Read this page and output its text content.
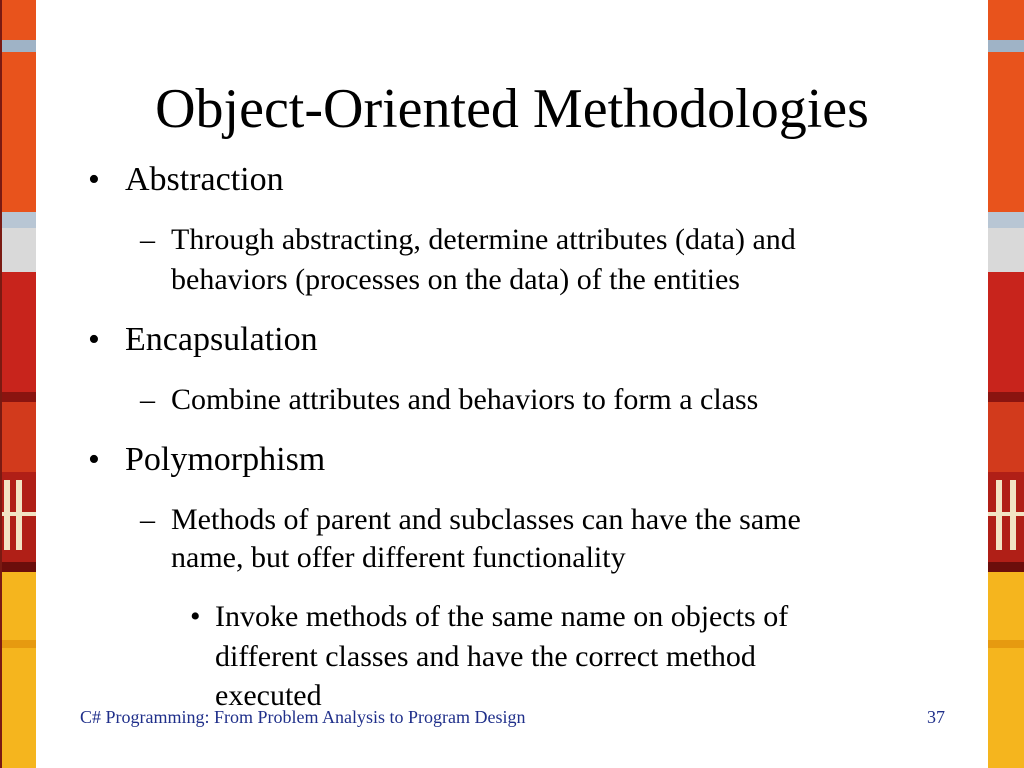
Object-Oriented Methodologies
• Abstraction
– Through abstracting, determine attributes (data) and
behaviors (processes on the data) of the entities
• Encapsulation
– Combine attributes and behaviors to form a class
• Polymorphism
– Methods of parent and subclasses can have the same
name, but offer different functionality
• Invoke methods of the same name on objects of
different classes and have the correct method
executed
C# Programming: From Problem Analysis to Program Design	37
